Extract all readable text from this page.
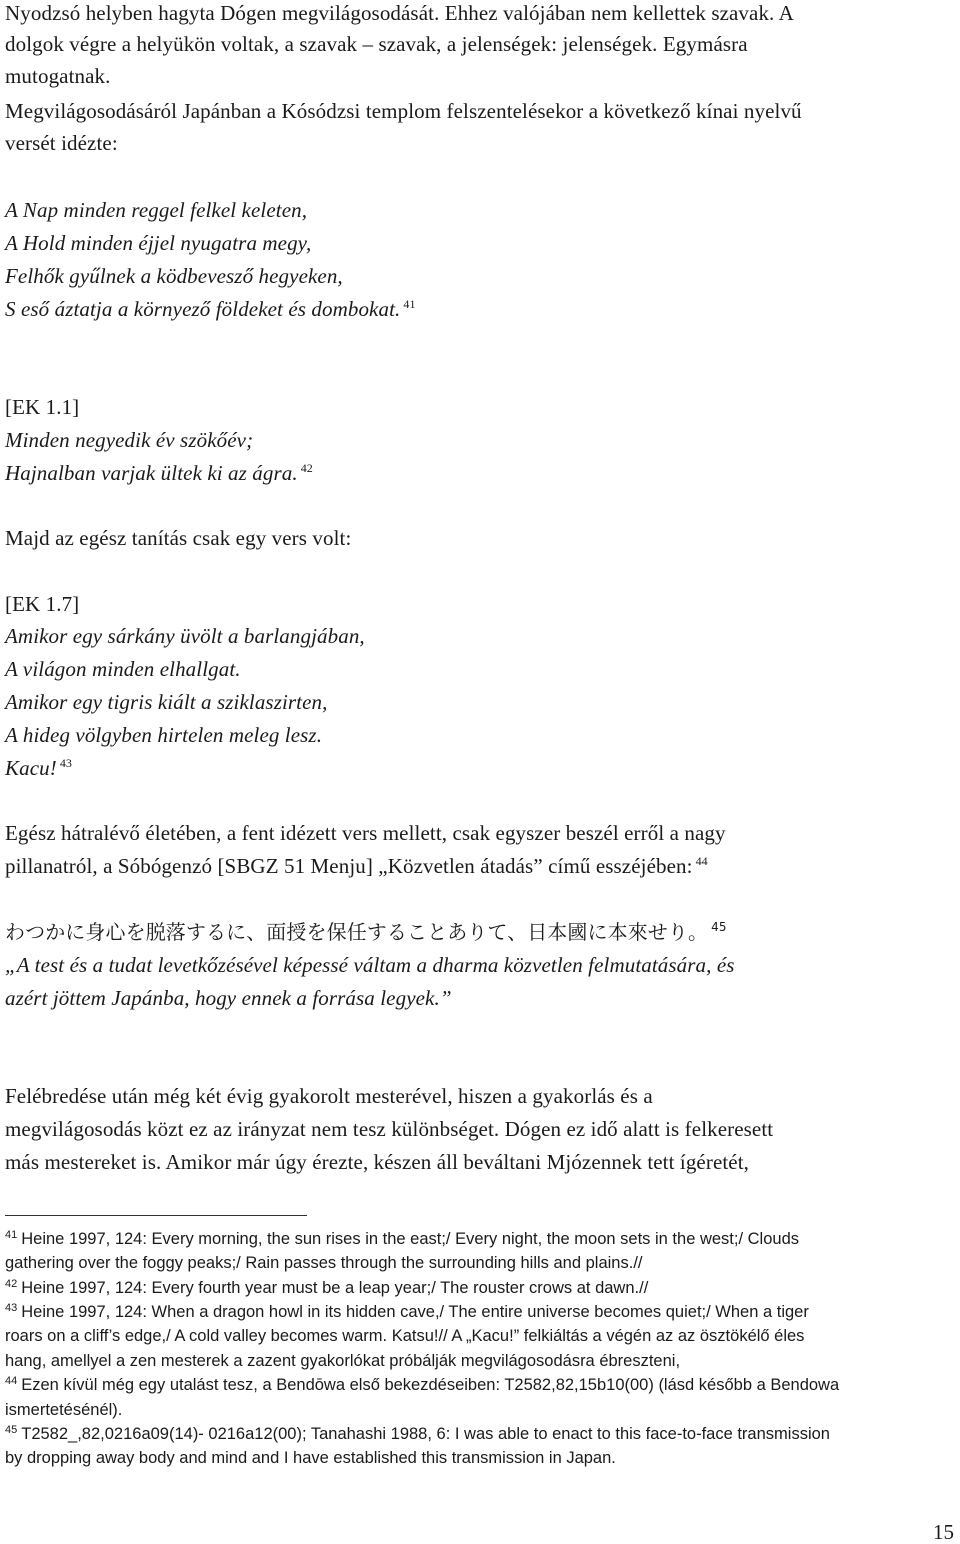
Nyodzsó helyben hagyta Dógen megvilágosodását. Ehhez valójában nem kellettek szavak. A
dolgok végre a helyükön voltak, a szavak – szavak, a jelenségek: jelenségek. Egymásra
mutogatnak.
Megvilágosodásáról Japánban a Kósódzsi templom felszentelésekor a következő kínai nyelvű
versét idézte:
A Nap minden reggel felkel keleten,
A Hold minden éjjel nyugatra megy,
Felhők gyűlnek a ködbevesző hegyeken,
S eső áztatja a környező földeket és dombokat. $^{41}$
[EK 1.1]
Minden negyedik év szökőév;
Hajnalban varjak ültek ki az ágra. $^{42}$
Majd az egész tanítás csak egy vers volt:
[EK 1.7]
Amikor egy sárkány üvölt a barlangjában,
A világon minden elhallgat.
Amikor egy tigris kiált a sziklaszirten,
A hideg völgyben hirtelen meleg lesz.
Kacu! $^{43}$
Egész hátralévő életében, a fent idézett vers mellett, csak egyszer beszél erről a nagy
pillanatról, a Sóbógenzó [SBGZ 51 Menju] „Közvetlen átadás” című esszéjében: $^{44}$
わつかに身心を脱落するに、面授を保任することありて、日本國に本來せり。 $^{45}$
„A test és a tudat levetkőzésével képessé váltam a dharma közvetlen felmutatására, és
azért jöttem Japánba, hogy ennek a forrása legyek.”
Felébredése után még két évig gyakorolt mesterével, hiszen a gyakorlás és a
megvilágosodás közt ez az irányzat nem tesz különbséget. Dógen ez idő alatt is felkeresett
más mestereket is. Amikor már úgy érezte, készen áll beváltani Mjózennek tett ígéretét,
$^{41}$ Heine 1997, 124: Every morning, the sun rises in the east;/ Every night, the moon sets in the west;/ Clouds
gathering over the foggy peaks;/ Rain passes through the surrounding hills and plains.//
$^{42}$ Heine 1997, 124: Every fourth year must be a leap year;/ The rouster crows at dawn.//
$^{43}$ Heine 1997, 124: When a dragon howl in its hidden cave,/ The entire universe becomes quiet;/ When a tiger
roars on a cliff’s edge,/ A cold valley becomes warm. Katsu!// A „Kacu!” felkiáltás a végén az az ösztökélő éles
hang, amellyel a zen mesterek a zazent gyakorlókat próbálják megvilágosodásra ébreszteni,
$^{44}$ Ezen kívül még egy utalást tesz, a Bendōwa első bekezdéseiben: T2582,82,15b10(00) (lásd később a Bendowa
ismertetésénél).
$^{45}$ T2582_,82,0216a09(14)- 0216a12(00); Tanahashi 1988, 6: I was able to enact to this face-to-face transmission
by dropping away body and mind and I have established this transmission in Japan.
15
